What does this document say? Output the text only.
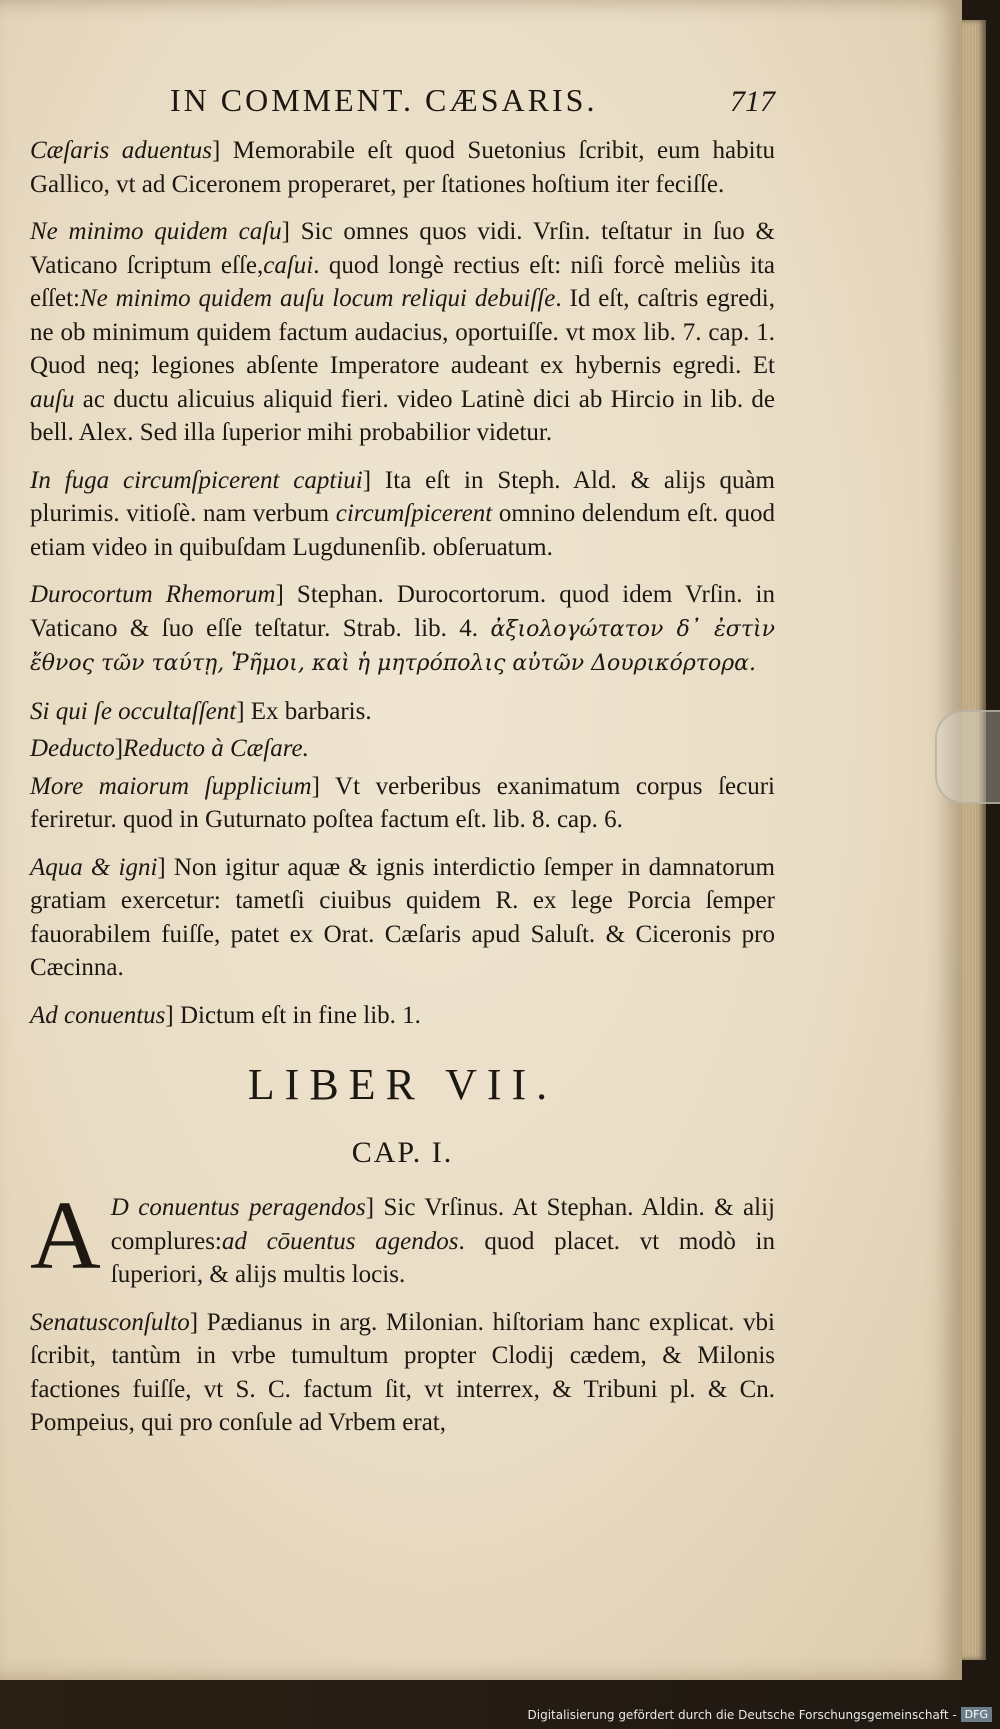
IN COMMENT. CÆSARIS.	717

Cæſaris aduentus] Memorabile eſt quod Suetonius ſcribit, eum habitu Gallico, vt ad Ciceronem properaret, per ſtationes hoſtium iter feciſſe.

Ne minimo quidem caſu] Sic omnes quos vidi. Vrſin. teſtatur in ſuo & Vaticano ſcriptum eſſe,caſui. quod longè rectius eſt: niſi forcè meliùs ita eſſet:Ne minimo quidem auſu locum reliqui debuiſſe. Id eſt, caſtris egredi, ne ob minimum quidem factum audacius, oportuiſſe. vt mox lib. 7. cap. 1. Quod neq; legiones abſente Imperatore audeant ex hybernis egredi. Et auſu ac ductu alicuius aliquid fieri. video Latinè dici ab Hircio in lib. de bell. Alex. Sed illa ſuperior mihi probabilior videtur.

In fuga circumſpicerent captiui] Ita eſt in Steph. Ald. & alijs quàm plurimis. vitioſè. nam verbum circumſpicerent omnino delendum eſt. quod etiam video in quibuſdam Lugdunenſib. obſeruatum.

Durocortum Rhemorum] Stephan. Durocortorum. quod idem Vrſin. in Vaticano & ſuo eſſe teſtatur. Strab. lib. 4. ἀξιολογώτατον δ᾽ ἐστὶν ἔθνος τῶν ταύτῃ, Ῥῆμοι, καὶ ἡ μητρόπολις αὐτῶν Δουρικόρτορα.

Si qui ſe occultaſſent] Ex barbaris.

Deducto]Reducto à Cæſare.

More maiorum ſupplicium] Vt verberibus exanimatum corpus ſecuri feriretur. quod in Guturnato poſtea factum eſt. lib. 8. cap. 6.

Aqua & igni] Non igitur aquæ & ignis interdictio ſemper in damnatorum gratiam exercetur: tametſi ciuibus quidem R. ex lege Porcia ſemper fauorabilem fuiſſe, patet ex Orat. Cæſaris apud Saluſt. & Ciceronis pro Cæcinna.

Ad conuentus] Dictum eſt in fine lib. 1.

LIBER VII.
CAP. I.

A D conuentus peragendos] Sic Vrſinus. At Stephan. Aldin. & alij complures:ad cōuentus agendos. quod placet. vt modò in ſuperiori, & alijs multis locis.

Senatusconſulto] Pædianus in arg. Milonian. hiſtoriam hanc explicat. vbi ſcribit, tantùm in vrbe tumultum propter Clodij cædem, & Milonis factiones fuiſſe, vt S. C. factum ſit, vt interrex, & Tribuni pl. & Cn. Pompeius, qui pro conſule ad Vrbem erat,

Digitalisierung gefördert durch die Deutsche Forschungsgemeinschaft - DFG
